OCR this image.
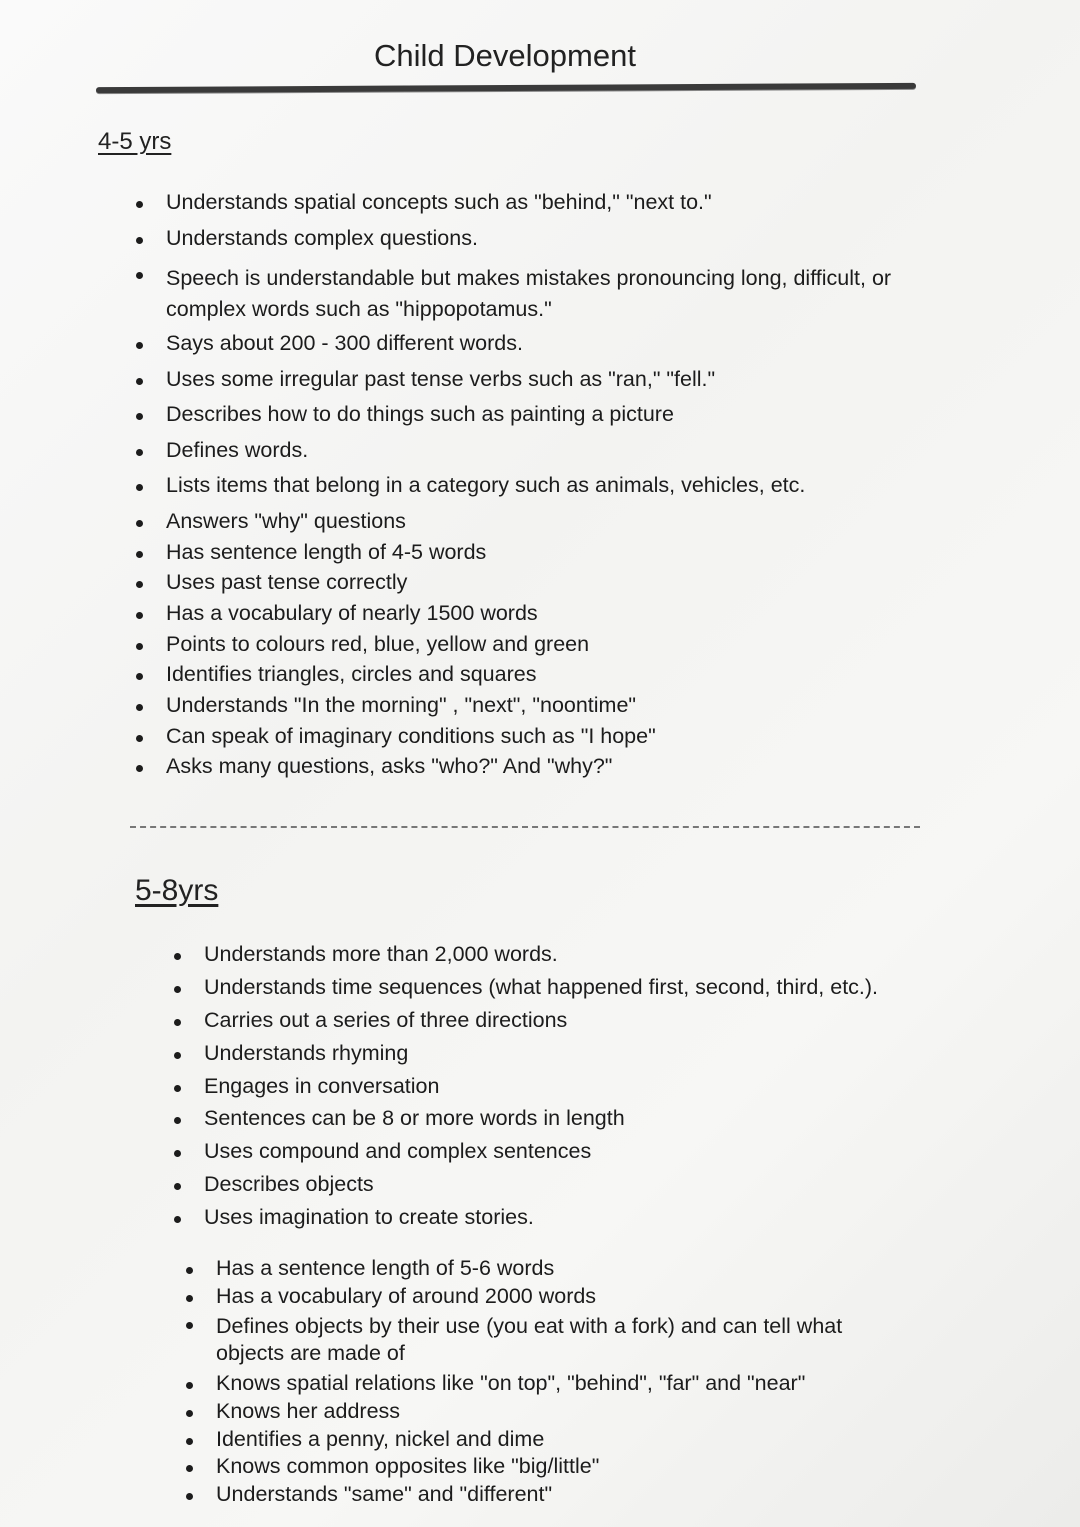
Child Development
4-5 yrs
Understands spatial concepts such as "behind," "next to."
Understands complex questions.
Speech is understandable but makes mistakes pronouncing long, difficult, or complex words such as "hippopotamus."
Says about 200 - 300 different words.
Uses some irregular past tense verbs such as "ran," "fell."
Describes how to do things such as painting a picture
Defines words.
Lists items that belong in a category such as animals, vehicles, etc.
Answers "why" questions
Has sentence length of 4-5 words
Uses past tense correctly
Has a vocabulary of nearly 1500 words
Points to colours red, blue, yellow and green
Identifies triangles, circles and squares
Understands "In the morning" , "next", "noontime"
Can speak of imaginary conditions such as "I hope"
Asks many questions, asks "who?" And "why?"
5-8yrs
Understands more than 2,000 words.
Understands time sequences (what happened first, second, third, etc.).
Carries out a series of three directions
Understands rhyming
Engages in conversation
Sentences can be 8 or more words in length
Uses compound and complex sentences
Describes objects
Uses imagination to create stories.
Has a sentence length of 5-6 words
Has a vocabulary of around 2000 words
Defines objects by their use (you eat with a fork) and can tell what objects are made of
Knows spatial relations like "on top", "behind", "far" and "near"
Knows her address
Identifies a penny, nickel and dime
Knows common opposites like "big/little"
Understands "same" and "different"
